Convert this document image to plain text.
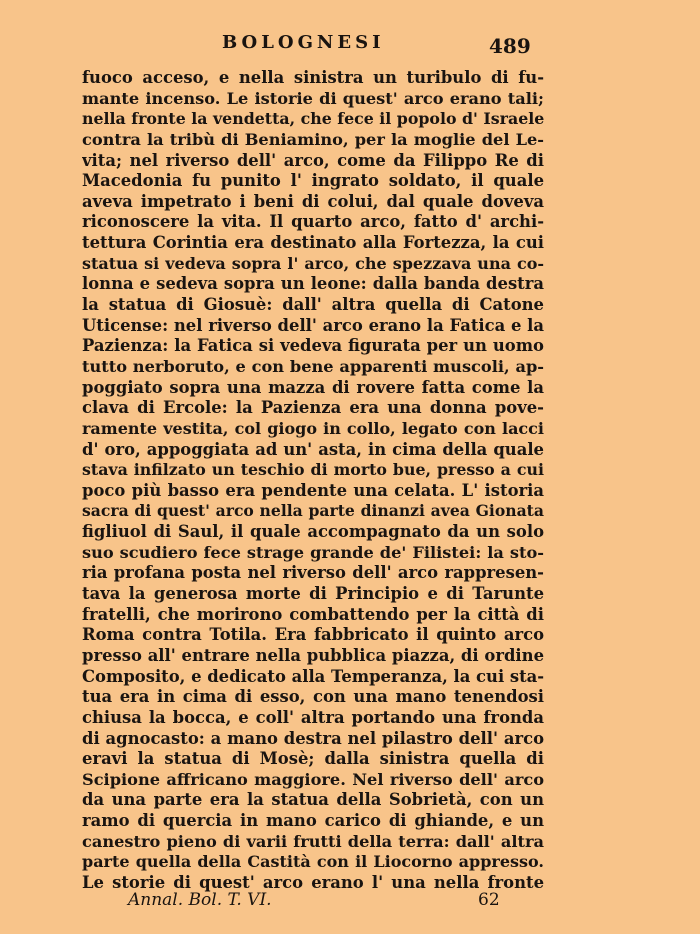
BOLOGNESI	489
fuoco acceso, e nella sinistra un turibulo di fu-
mante incenso. Le istorie di quest' arco erano tali;
nella fronte la vendetta, che fece il popolo d' Israele
contra la tribù di Beniamino, per la moglie del Le-
vita; nel riverso dell' arco, come da Filippo Re di
Macedonia fu punito l' ingrato soldato, il quale
aveva impetrato i beni di colui, dal quale doveva
riconoscere la vita. Il quarto arco, fatto d' archi-
tettura Corintia era destinato alla Fortezza, la cui
statua si vedeva sopra l' arco, che spezzava una co-
lonna e sedeva sopra un leone: dalla banda destra
la statua di Giosuè: dall' altra quella di Catone
Uticense: nel riverso dell' arco erano la Fatica e la
Pazienza: la Fatica si vedeva figurata per un uomo
tutto nerboruto, e con bene apparenti muscoli, ap-
poggiato sopra una mazza di rovere fatta come la
clava di Ercole: la Pazienza era una donna pove-
ramente vestita, col giogo in collo, legato con lacci
d' oro, appoggiata ad un' asta, in cima della quale
stava infilzato un teschio di morto bue, presso a cui
poco più basso era pendente una celata. L' istoria
sacra di quest' arco nella parte dinanzi avea Gionata
figliuol di Saul, il quale accompagnato da un solo
suo scudiero fece strage grande de' Filistei: la sto-
ria profana posta nel riverso dell' arco rappresen-
tava la generosa morte di Principio e di Tarunte
fratelli, che morirono combattendo per la città di
Roma contra Totila. Era fabbricato il quinto arco
presso all' entrare nella pubblica piazza, di ordine
Composito, e dedicato alla Temperanza, la cui sta-
tua era in cima di esso, con una mano tenendosi
chiusa la bocca, e coll' altra portando una fronda
di agnocasto: a mano destra nel pilastro dell' arco
eravi la statua di Mosè; dalla sinistra quella di
Scipione affricano maggiore. Nel riverso dell' arco
da una parte era la statua della Sobrietà, con un
ramo di quercia in mano carico di ghiande, e un
canestro pieno di varii frutti della terra: dall' altra
parte quella della Castità con il Liocorno appresso.
Le storie di quest' arco erano l' una nella fronte
Annal. Bol. T. VI.	62
